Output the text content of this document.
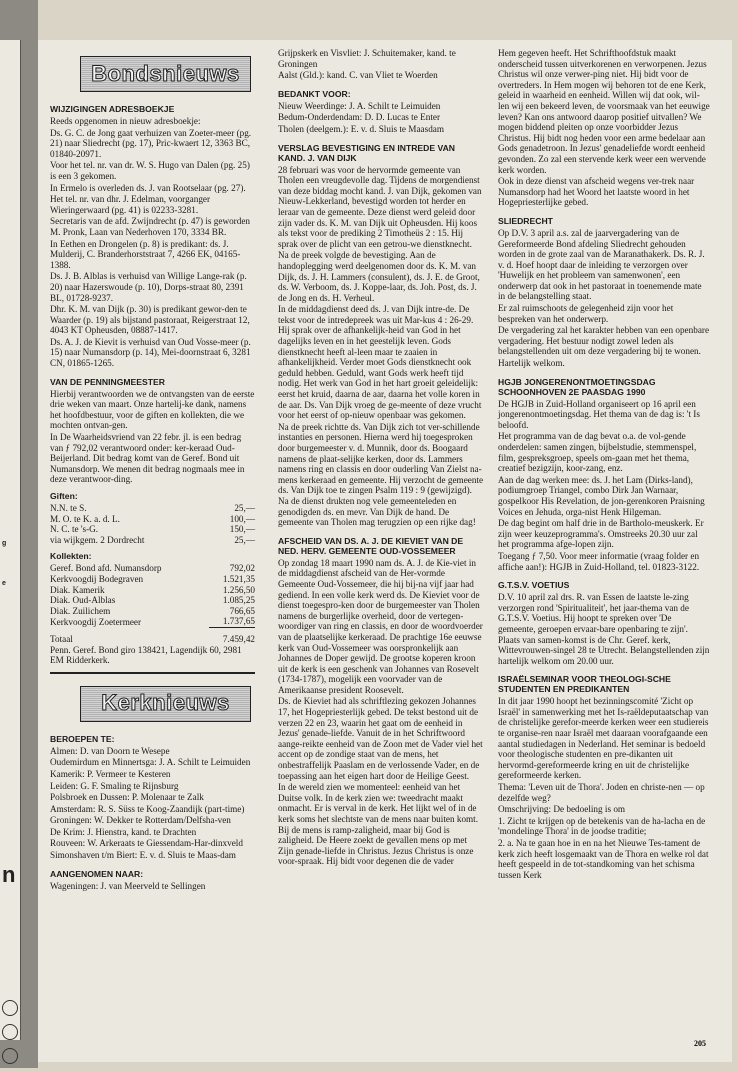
g
e
n
Bondsnieuws
WIJZIGINGEN ADRESBOEKJE

Reeds opgenomen in nieuw adresboekje:

Ds. G. C. de Jong gaat verhuizen van Zoeter-meer (pg. 21) naar Sliedrecht (pg. 17), Pric-kwaert 12, 3363 BC, 01840-20971.

Voor het tel. nr. van dr. W. S. Hugo van Dalen (pg. 25) is een 3 gekomen.

In Ermelo is overleden ds. J. van Rootselaar (pg. 27).

Het tel. nr. van dhr. J. Edelman, voorganger Wieringerwaard (pg. 41) is 02233-3281.

Secretaris van de afd. Zwijndrecht (p. 47) is geworden M. Pronk, Laan van Nederhoven 170, 3334 BR.

In Eethen en Drongelen (p. 8) is predikant: ds. J. Mulderij, C. Branderhorststraat 7, 4266 EK, 04165-1388.

Ds. J. B. Alblas is verhuisd van Willige Lange-rak (p. 20) naar Hazerswoude (p. 10), Dorps-straat 80, 2391 BL, 01728-9237.

Dhr. K. M. van Dijk (p. 30) is predikant gewor-den te Waarder (p. 19) als bijstand pastoraat, Reigerstraat 12, 4043 KT Opheusden, 08887-1417.

Ds. A. J. de Kievit is verhuisd van Oud Vosse-meer (p. 15) naar Numansdorp (p. 14), Mei-doornstraat 6, 3281 CN, 01865-1265.

VAN DE PENNINGMEESTER

Hierbij verantwoorden we de ontvangsten van de eerste drie weken van maart. Onze hartelij-ke dank, namens het hoofdbestuur, voor de giften en kollekten, die we mochten ontvan-gen.

In De Waarheidsvriend van 22 febr. jl. is een bedrag van ƒ 792,02 verantwoord onder: ker-keraad Oud-Beijerland. Dit bedrag komt van de Geref. Bond uit Numansdorp. We menen dit bedrag nogmaals mee in deze verantwoor-ding.

Giften:
N.N. te S.	25,—
M. O. te K. a. d. L.	100,—
N. C. te 's-G.	150,—
via wijkgem. 2 Dordrecht	25,—
Kollekten:
Geref. Bond afd. Numansdorp	792,02
Kerkvoogdij Bodegraven	1.521,35
Diak. Kamerik	1.256,50
Diak. Oud-Alblas	1.085,25
Diak. Zuilichem	766,65
Kerkvoogdij Zoetermeer	1.737,65
Totaal	7.459,42

Penn. Geref. Bond giro 138421, Lagendijk 60, 2981 EM Ridderkerk.

Kerknieuws
BEROEPEN TE:

Almen: D. van Doorn te Wesepe

Oudemirdum en Minnertsga: J. A. Schilt te Leimuiden

Kamerik: P. Vermeer te Kesteren

Leiden: G. F. Smaling te Rijnsburg

Polsbroek en Dussen: P. Molenaar te Zalk

Amsterdam: R. S. Süss te Koog-Zaandijk (part-time)

Groningen: W. Dekker te Rotterdam/Delfsha-ven

De Krim: J. Hienstra, kand. te Drachten

Rouveen: W. Arkeraats te Giessendam-Har-dinxveld

Simonshaven t/m Biert: E. v. d. Sluis te Maas-dam

AANGENOMEN NAAR:

Wageningen: J. van Meerveld te Sellingen

Grijpskerk en Visvliet: J. Schuitemaker, kand. te Groningen

Aalst (Gld.): kand. C. van Vliet te Woerden

BEDANKT VOOR:

Nieuw Weerdinge: J. A. Schilt te Leimuiden

Bedum-Onderdendam: D. D. Lucas te Enter

Tholen (deelgem.): E. v. d. Sluis te Maasdam

VERSLAG BEVESTIGING EN INTREDE VAN KAND. J. VAN DIJK

28 februari was voor de hervormde gemeente van Tholen een vreugdevolle dag. Tijdens de morgendienst van deze biddag mocht kand. J. van Dijk, gekomen van Nieuw-Lekkerland, bevestigd worden tot herder en leraar van de gemeente. Deze dienst werd geleid door zijn vader ds. K. M. van Dijk uit Opheusden. Hij koos als tekst voor de prediking 2 Timotheüs 2 : 15. Hij sprak over de plicht van een getrou-we dienstknecht.

Na de preek volgde de bevestiging. Aan de handoplegging werd deelgenomen door ds. K. M. van Dijk, ds. J. H. Lammers (consulent), ds. J. E. de Groot, ds. W. Verboom, ds. J. Koppe-laar, ds. Joh. Post, ds. J. de Jong en ds. H. Verheul.

In de middagdienst deed ds. J. van Dijk intre-de. De tekst voor de intredepreek was uit Mar-kus 4 : 26-29. Hij sprak over de afhankelijk-heid van God in het dagelijks leven en in het geestelijk leven. Gods dienstknecht heeft al-leen maar te zaaien in afhankelijkheid. Verder moet Gods dienstknecht ook geduld hebben. Geduld, want Gods werk heeft tijd nodig. Het werk van God in het hart groeit geleidelijk: eerst het kruid, daarna de aar, daarna het volle koren in de aar. Ds. Van Dijk vroeg de ge-meente of deze vrucht voor het eerst of op-nieuw openbaar was gekomen.

Na de preek richtte ds. Van Dijk zich tot ver-schillende instanties en personen. Hierna werd hij toegesproken door burgemeester v. d. Munnik, door ds. Boogaard namens de plaat-selijke kerken, door ds. Lammers namens ring en classis en door ouderling Van Zielst na-mens kerkeraad en gemeente. Hij verzocht de gemeente ds. Van Dijk toe te zingen Psalm 119 : 9 (gewijzigd). Na de dienst drukten nog vele gemeenteleden en genodigden ds. en mevr. Van Dijk de hand. De gemeente van Tholen mag terugzien op een rijke dag!

AFSCHEID VAN DS. A. J. DE KIEVIET VAN DE NED. HERV. GEMEENTE OUD-VOSSEMEER

Op zondag 18 maart 1990 nam ds. A. J. de Kie-viet in de middagdienst afscheid van de Her-vormde Gemeente Oud-Vossemeer, die hij bij-na vijf jaar had gediend. In een volle kerk werd ds. De Kieviet voor de dienst toegespro-ken door de burgemeester van Tholen namens de burgerlijke overheid, door de vertegen-woordiger van ring en classis, en door de woordvoerder van de plaatselijke kerkeraad. De prachtige 16e eeuwse kerk van Oud-Vossemeer was oorspronkelijk aan Johannes de Doper gewijd. De grootse koperen kroon uit de kerk is een geschenk van Johannes van Rosevelt (1734-1787), mogelijk een voorvader van de Amerikaanse president Roosevelt.

Ds. de Kieviet had als schriftlezing gekozen Johannes 17, het Hogepriesterlijk gebed. De tekst bestond uit de verzen 22 en 23, waarin het gaat om de eenheid in Jezus' genade-liefde. Vanuit de in het Schriftwoord aange-reikte eenheid van de Zoon met de Vader viel het accent op de zondige staat van de mens, het onbestraffelijk Paaslam en de verlossende Vader, en de toepassing aan het eigen hart door de Heilige Geest.

In de wereld zien we momenteel: eenheid van het Duitse volk. In de kerk zien we: tweedracht maakt onmacht. Er is verval in de kerk. Het lijkt wel of in de kerk soms het slechtste van de mens naar buiten komt. Bij de mens is ramp-zaligheid, maar bij God is zaligheid. De Heere zoekt de gevallen mens op met Zijn genade-liefde in Christus. Jezus Christus is onze voor-spraak. Hij bidt voor degenen die de vader

Hem gegeven heeft. Het Schrifthoofdstuk maakt onderscheid tussen uitverkorenen en verworpenen. Jezus Christus wil onze verwer-ping niet. Hij bidt voor de overtreders. In Hem mogen wij behoren tot de ene Kerk, geleid in waarheid en eenheid. Willen wij dat ook, wil-len wij een bekeerd leven, de voorsmaak van het eeuwige leven? Kan ons antwoord daarop positief uitvallen? We mogen biddend pleiten op onze voorbidder Jezus Christus. Hij bidt nog heden voor een arme bedelaar aan Gods genadetroon. In Jezus' genadeliefde wordt eenheid gevonden. Zo zal een stervende kerk weer een wervende kerk worden.

Ook in deze dienst van afscheid wegens ver-trek naar Numansdorp had het Woord het laatste woord in het Hogepriesterlijke gebed.

SLIEDRECHT

Op D.V. 3 april a.s. zal de jaarvergadering van de Gereformeerde Bond afdeling Sliedrecht gehouden worden in de grote zaal van de Maranathakerk. Ds. R. J. v. d. Hoef hoopt daar de inleiding te verzorgen over 'Huwelijk en het probleem van samenwonen', een onderwerp dat ook in het pastoraat in toenemende mate in de belangstelling staat.

Er zal ruimschoots de gelegenheid zijn voor het bespreken van het onderwerp.

De vergadering zal het karakter hebben van een openbare vergadering. Het bestuur nodigt zowel leden als belangstellenden uit om deze vergadering bij te wonen.

Hartelijk welkom.

HGJB JONGERENONTMOETINGSDAG SCHOONHOVEN 2E PAASDAG 1990

De HGJB in Zuid-Holland organiseert op 16 april een jongerenontmoetingsdag. Het thema van de dag is: 't Is beloofd.

Het programma van de dag bevat o.a. de vol-gende onderdelen: samen zingen, bijbelstudie, stemmenspel, film, gespreksgroep, speels om-gaan met het thema, creatief bezigzijn, koor-zang, enz.

Aan de dag werken mee: ds. J. het Lam (Dirks-land), podiumgroep Triangel, combo Dirk Jan Warnaar, gospelkoor His Revelation, de jon-gerenkoren Praisning Voices en Jehuda, orga-nist Henk Hilgeman.

De dag begint om half drie in de Bartholo-meuskerk. Er zijn weer keuzeprogramma's. Omstreeks 20.30 uur zal het programma afge-lopen zijn.

Toegang ƒ 7,50. Voor meer informatie (vraag folder en affiche aan!): HGJB in Zuid-Holland, tel. 01823-3122.

G.T.S.V. VOETIUS

D.V. 10 april zal drs. R. van Essen de laatste le-zing verzorgen rond 'Spiritualiteit', het jaar-thema van de G.T.S.V. Voetius. Hij hoopt te spreken over 'De gemeente, geroepen ervaar-bare openbaring te zijn'. Plaats van samen-komst is de Chr. Geref. kerk, Wittevrouwen-singel 28 te Utrecht. Belangstellenden zijn hartelijk welkom om 20.00 uur.

ISRAËLSEMINAR VOOR THEOLOGI-SCHE STUDENTEN EN PREDIKANTEN

In dit jaar 1990 hoopt het bezinningscomité 'Zicht op Israël' in samenwerking met het Is-raëldeputaatschap van de christelijke gerefor-meerde kerken weer een studiereis te organise-ren naar Israël met daaraan voorafgaande een aantal studiedagen in Nederland. Het seminar is bedoeld voor theologische studenten en pre-dikanten uit hervormd-gereformeerde kring en uit de christelijke gereformeerde kerken.

Thema: 'Leven uit de Thora'. Joden en christe-nen — op dezelfde weg?

Omschrijving: De bedoeling is om

1. Zicht te krijgen op de betekenis van de ha-lacha en de 'mondelinge Thora' in de joodse traditie;

2. a. Na te gaan hoe in en na het Nieuwe Tes-tament de kerk zich heeft losgemaakt van de Thora en welke rol dat heeft gespeeld in de tot-standkoming van het schisma tussen Kerk

205
